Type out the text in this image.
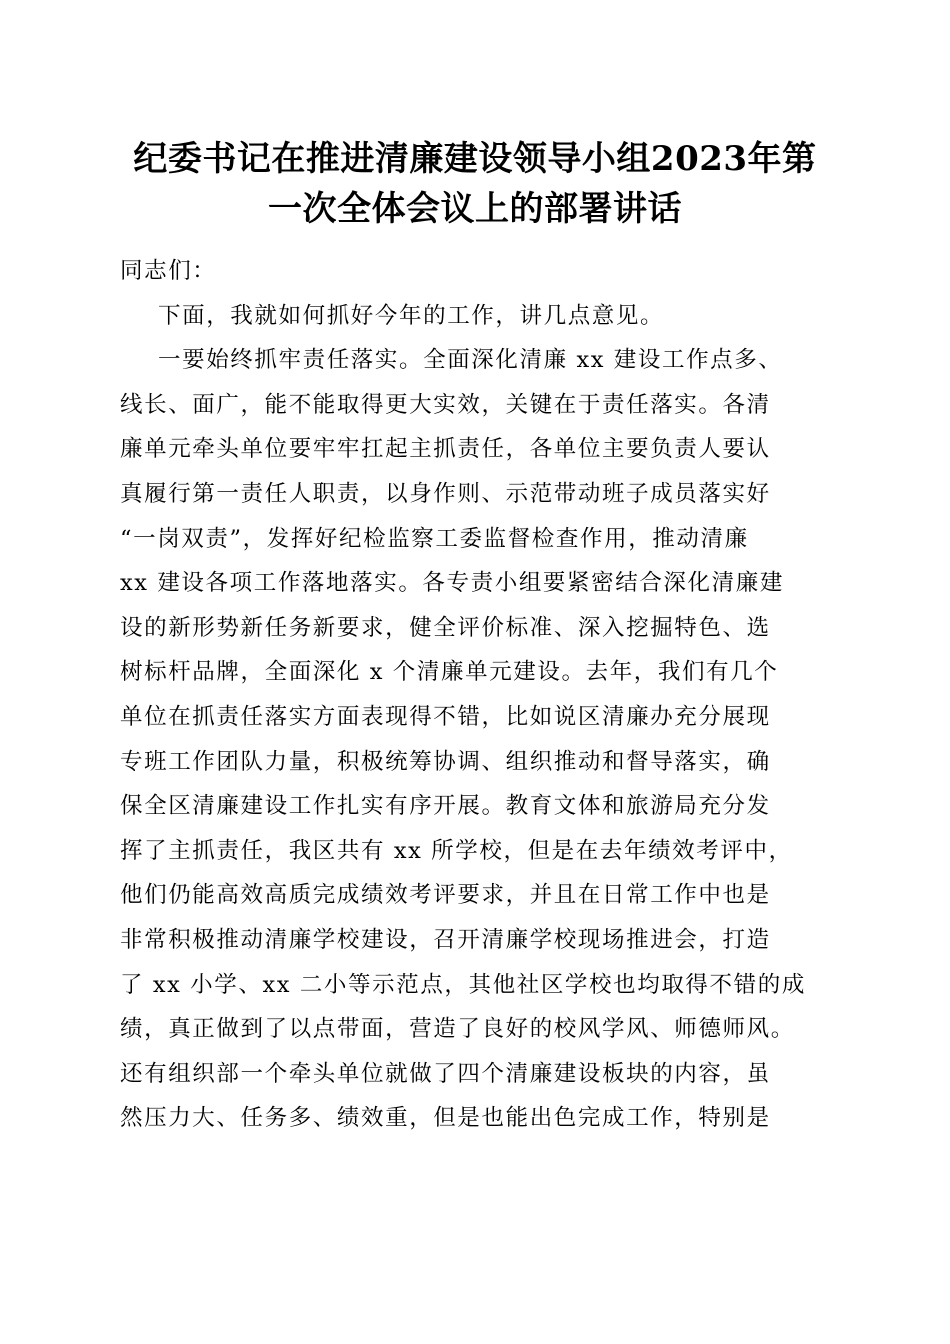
纪委书记在推进清廉建设领导小组2023年第
一次全体会议上的部署讲话
同志们：
下面，我就如何抓好今年的工作，讲几点意见。
一要始终抓牢责任落实。全面深化清廉 xx 建设工作点多、
线长、面广，能不能取得更大实效，关键在于责任落实。各清
廉单元牵头单位要牢牢扛起主抓责任，各单位主要负责人要认
真履行第一责任人职责，以身作则、示范带动班子成员落实好
“一岗双责”，发挥好纪检监察工委监督检查作用，推动清廉
xx 建设各项工作落地落实。各专责小组要紧密结合深化清廉建
设的新形势新任务新要求，健全评价标准、深入挖掘特色、选
树标杆品牌，全面深化 x 个清廉单元建设。去年，我们有几个
单位在抓责任落实方面表现得不错，比如说区清廉办充分展现
专班工作团队力量，积极统筹协调、组织推动和督导落实，确
保全区清廉建设工作扎实有序开展。教育文体和旅游局充分发
挥了主抓责任，我区共有 xx 所学校，但是在去年绩效考评中，
他们仍能高效高质完成绩效考评要求，并且在日常工作中也是
非常积极推动清廉学校建设，召开清廉学校现场推进会，打造
了 xx 小学、xx 二小等示范点，其他社区学校也均取得不错的成
绩，真正做到了以点带面，营造了良好的校风学风、师德师风。
还有组织部一个牵头单位就做了四个清廉建设板块的内容，虽
然压力大、任务多、绩效重，但是也能出色完成工作，特别是
